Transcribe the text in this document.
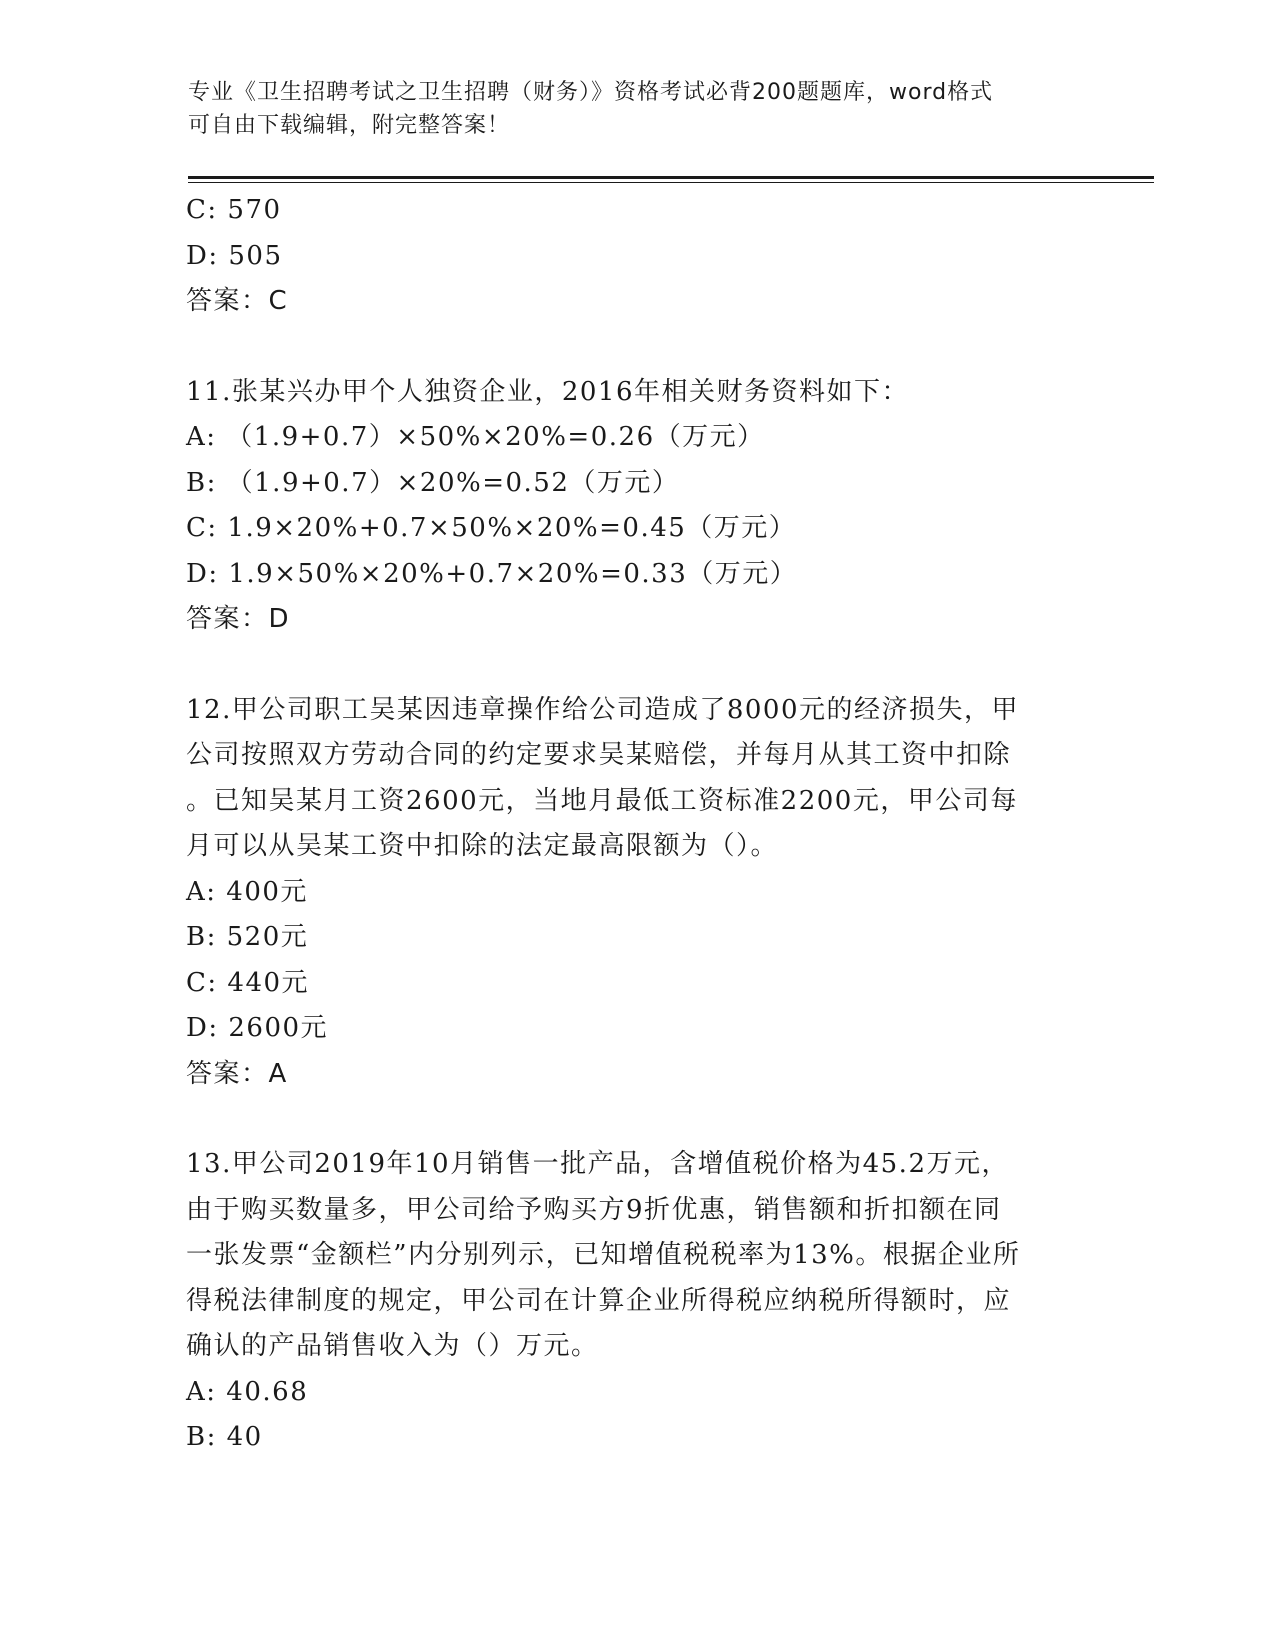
专业《卫生招聘考试之卫生招聘（财务）》资格考试必背200题题库，word格式
可自由下载编辑，附完整答案！
C: 570
D: 505
答案：C
11.张某兴办甲个人独资企业，2016年相关财务资料如下：
A: （1.9+0.7）×50%×20%=0.26（万元）
B: （1.9+0.7）×20%=0.52（万元）
C: 1.9×20%+0.7×50%×20%=0.45（万元）
D: 1.9×50%×20%+0.7×20%=0.33（万元）
答案：D
12.甲公司职工吴某因违章操作给公司造成了8000元的经济损失，甲
公司按照双方劳动合同的约定要求吴某赔偿，并每月从其工资中扣除
。已知吴某月工资2600元，当地月最低工资标准2200元，甲公司每
月可以从吴某工资中扣除的法定最高限额为（）。
A: 400元
B: 520元
C: 440元
D: 2600元
答案：A
13.甲公司2019年10月销售一批产品，含增值税价格为45.2万元，
由于购买数量多，甲公司给予购买方9折优惠，销售额和折扣额在同
一张发票“金额栏”内分别列示，已知增值税税率为13%。根据企业所
得税法律制度的规定，甲公司在计算企业所得税应纳税所得额时，应
确认的产品销售收入为（）万元。
A: 40.68
B: 40
